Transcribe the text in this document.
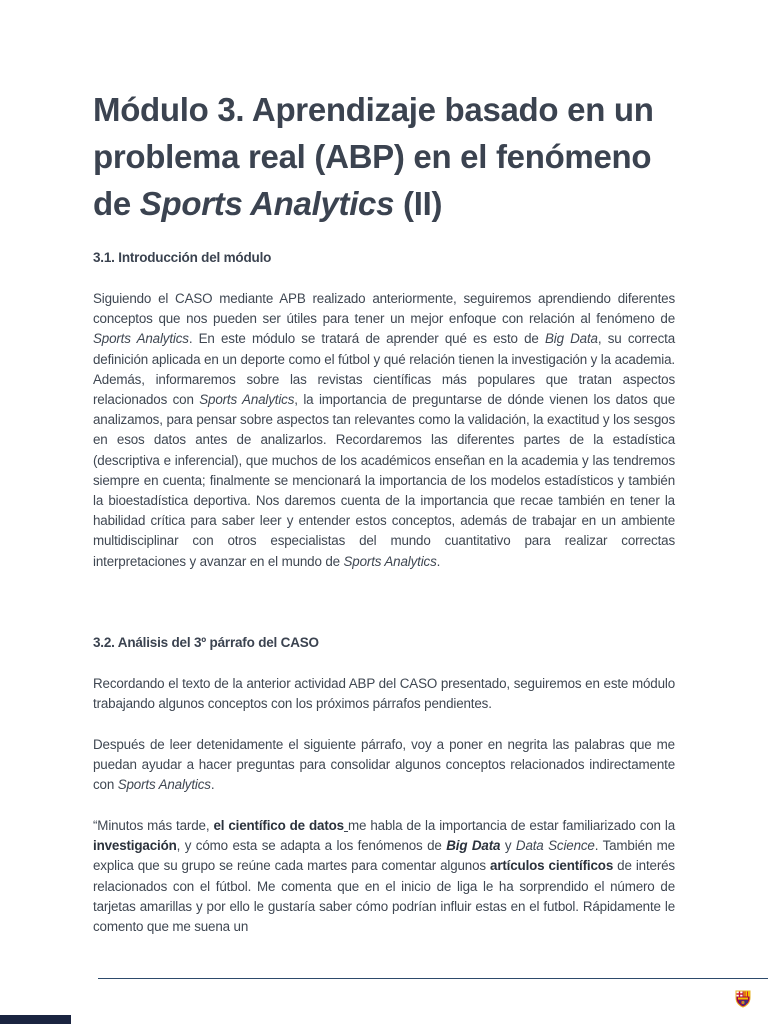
Módulo 3. Aprendizaje basado en un problema real (ABP) en el fenómeno de Sports Analytics (II)
3.1. Introducción del módulo

Siguiendo el CASO mediante APB realizado anteriormente, seguiremos aprendiendo diferentes conceptos que nos pueden ser útiles para tener un mejor enfoque con relación al fenómeno de Sports Analytics. En este módulo se tratará de aprender qué es esto de Big Data, su correcta definición aplicada en un deporte como el fútbol y qué relación tienen la investigación y la academia. Además, informaremos sobre las revistas científicas más populares que tratan aspectos relacionados con Sports Analytics, la importancia de preguntarse de dónde vienen los datos que analizamos, para pensar sobre aspectos tan relevantes como la validación, la exactitud y los sesgos en esos datos antes de analizarlos. Recordaremos las diferentes partes de la estadística (descriptiva e inferencial), que muchos de los académicos enseñan en la academia y las tendremos siempre en cuenta; finalmente se mencionará la importancia de los modelos estadísticos y también la bioestadística deportiva. Nos daremos cuenta de la importancia que recae también en tener la habilidad crítica para saber leer y entender estos conceptos, además de trabajar en un ambiente multidisciplinar con otros especialistas del mundo cuantitativo para realizar correctas interpretaciones y avanzar en el mundo de Sports Analytics.

3.2. Análisis del 3º párrafo del CASO

Recordando el texto de la anterior actividad ABP del CASO presentado, seguiremos en este módulo trabajando algunos conceptos con los próximos párrafos pendientes.

Después de leer detenidamente el siguiente párrafo, voy a poner en negrita las palabras que me puedan ayudar a hacer preguntas para consolidar algunos conceptos relacionados indirectamente con Sports Analytics.

“Minutos más tarde, el científico de datos me habla de la importancia de estar familiarizado con la investigación, y cómo esta se adapta a los fenómenos de Big Data y Data Science. También me explica que su grupo se reúne cada martes para comentar algunos artículos científicos de interés relacionados con el fútbol. Me comenta que en el inicio de liga le ha sorprendido el número de tarjetas amarillas y por ello le gustaría saber cómo podrían influir estas en el futbol. Rápidamente le comento que me suena un
